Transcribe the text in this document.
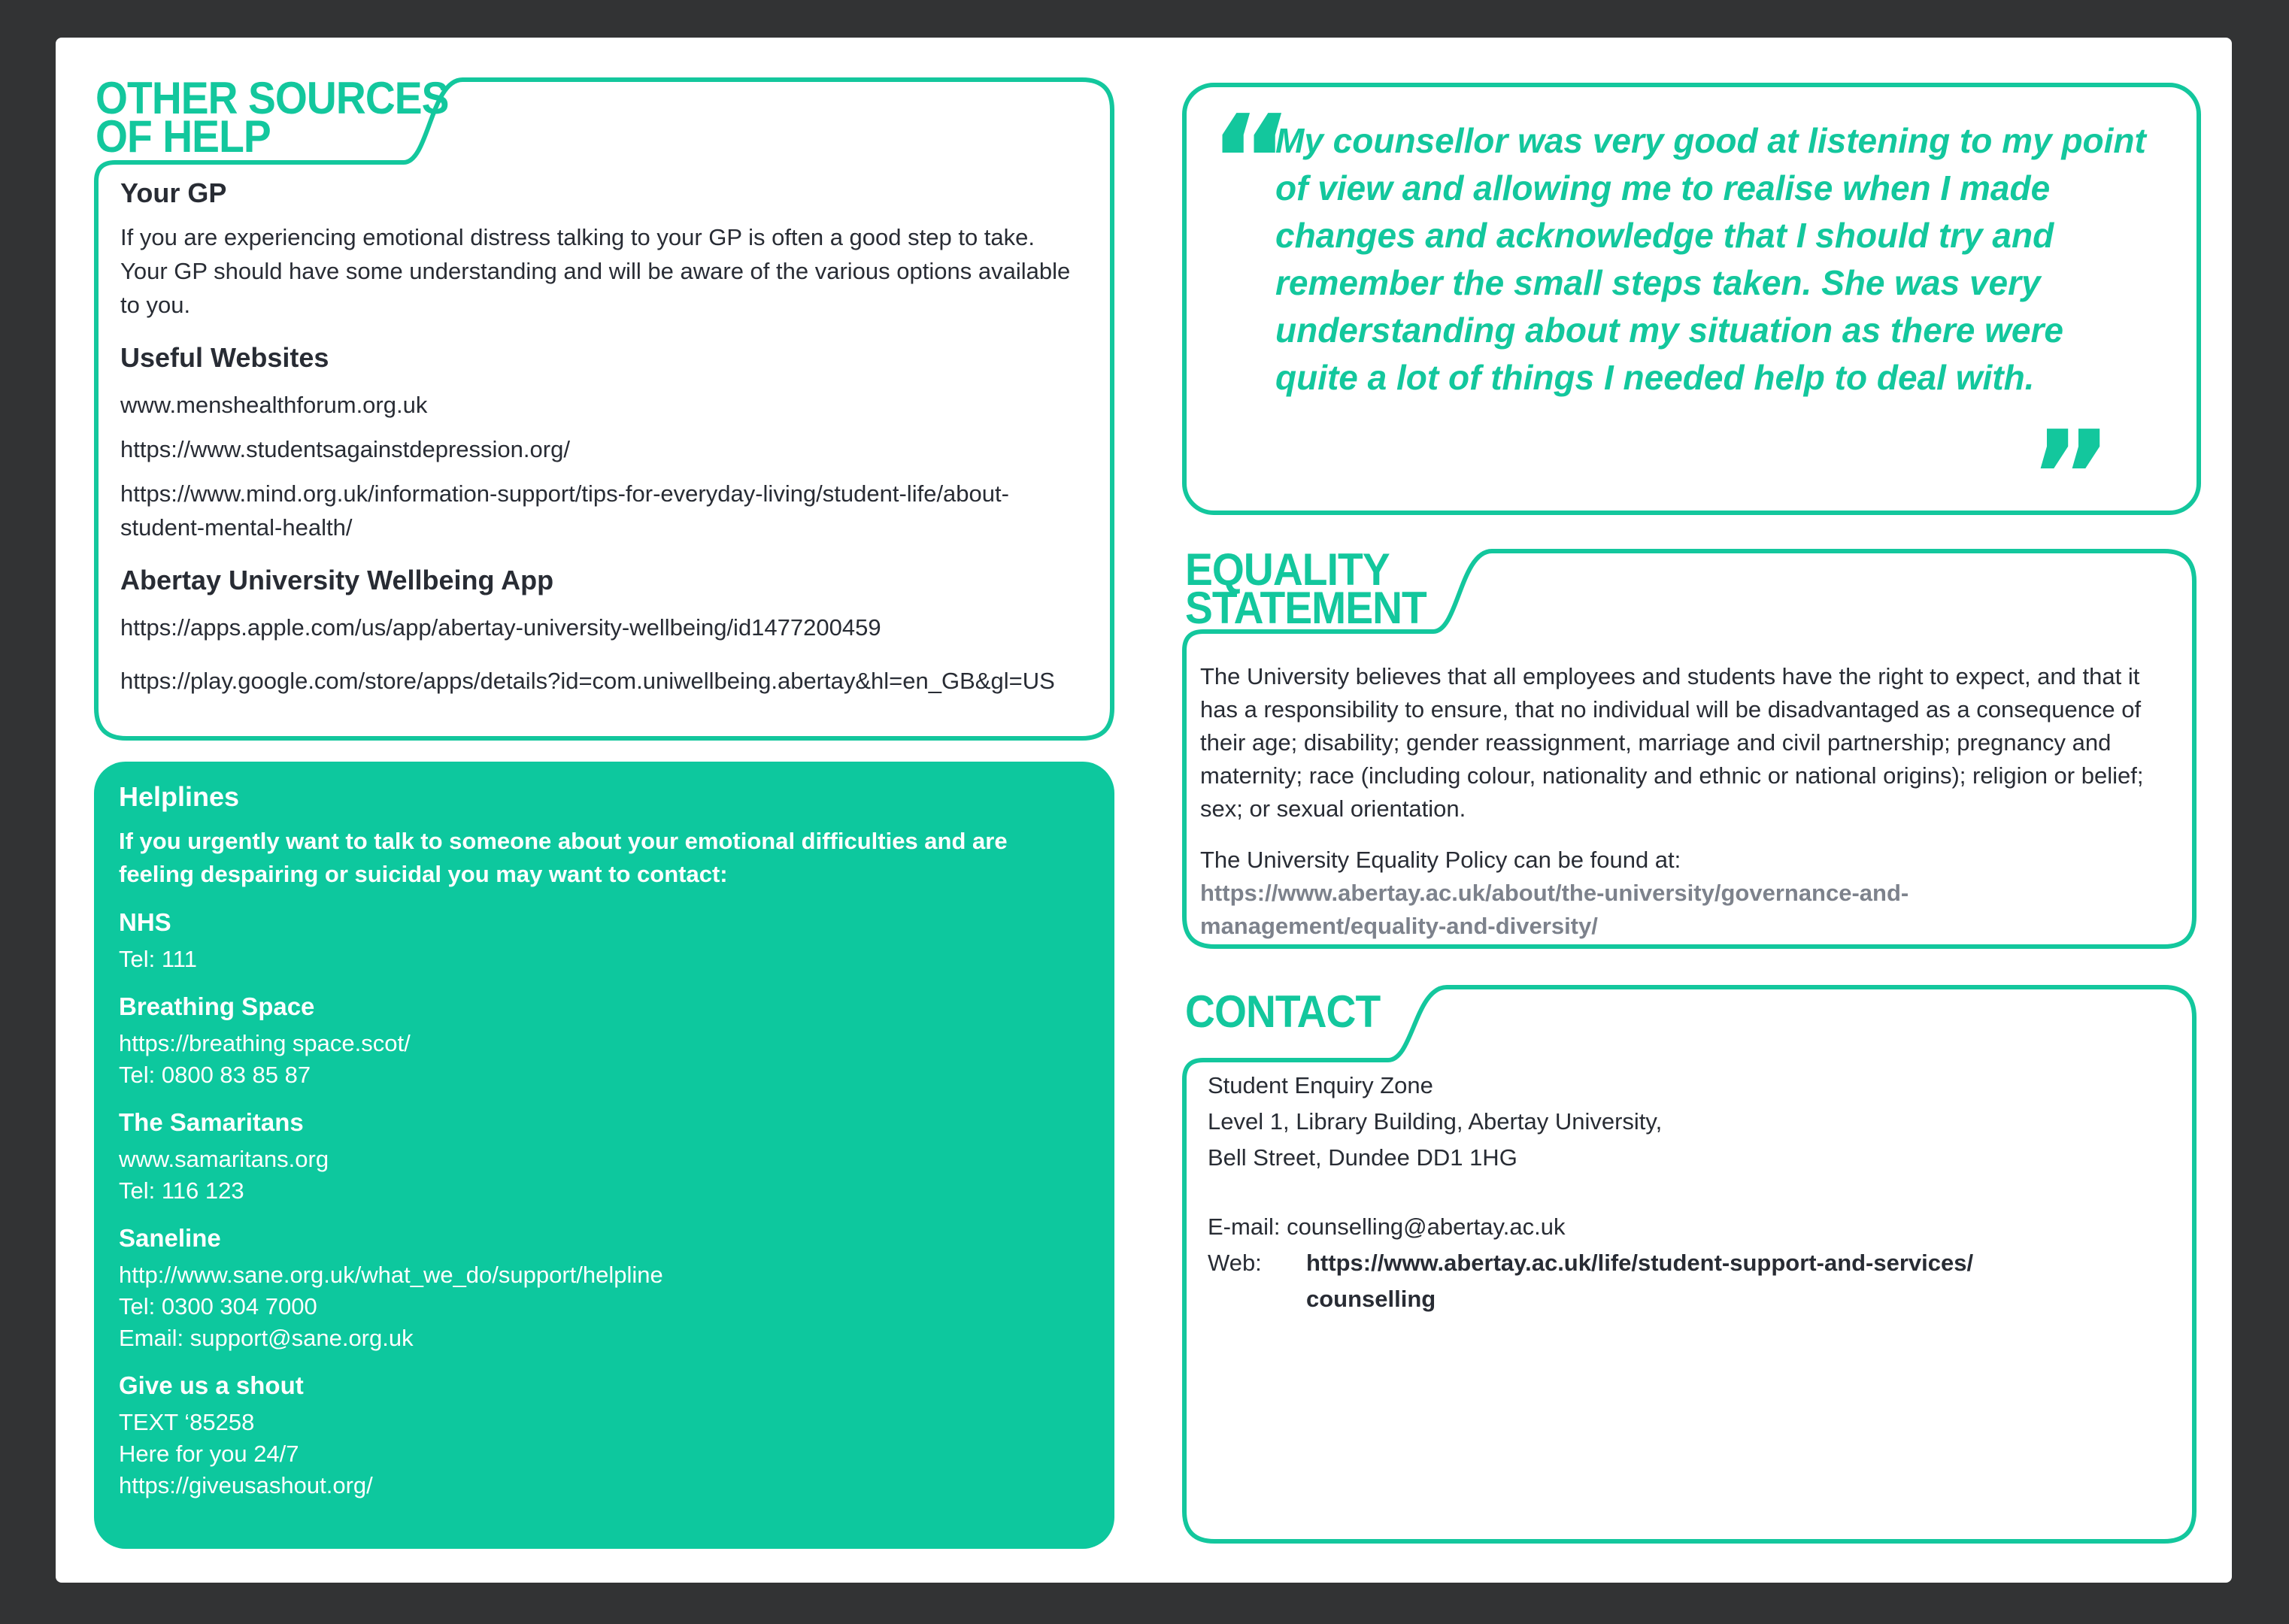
OTHER SOURCES
OF HELP
Your GP

If you are experiencing emotional distress talking to your GP is often a good step to take. Your GP should have some understanding and will be aware of the various options available to you.

Useful Websites

www.menshealthforum.org.uk

https://www.studentsagainstdepression.org/

https://www.mind.org.uk/information-support/tips-for-everyday-living/student-life/about-student-mental-health/

Abertay University Wellbeing App

https://apps.apple.com/us/app/abertay-university-wellbeing/id1477200459

https://play.google.com/store/apps/details?id=com.uniwellbeing.abertay&hl=en_GB&gl=US

Helplines

If you urgently want to talk to someone about your emotional difficulties and are feeling despairing or suicidal you may want to contact:

NHS

Tel: 111

Breathing Space

https://breathing space.scot/

Tel: 0800 83 85 87

The Samaritans

www.samaritans.org

Tel: 116 123

Saneline

http://www.sane.org.uk/what_we_do/support/helpline

Tel: 0300 304 7000

Email: support@sane.org.uk

Give us a shout

TEXT ‘85258

Here for you 24/7

https://giveusashout.org/

“
My counsellor was very good at listening to my point of view and allowing me to realise when I made changes and acknowledge that I should try and remember the small steps taken. She was very understanding about my situation as there were quite a lot of things I needed help to deal with.
”
EQUALITY
STATEMENT

The University believes that all employees and students have the right to expect, and that it has a responsibility to ensure, that no individual will be disadvantaged as a consequence of their age; disability; gender reassignment, marriage and civil partnership; pregnancy and maternity; race (including colour, nationality and ethnic or national origins); religion or belief; sex; or sexual orientation.

The University Equality Policy can be found at:

https://www.abertay.ac.uk/about/the-university/governance-and-

management/equality-and-diversity/

CONTACT

Student Enquiry Zone

Level 1, Library Building, Abertay University,

Bell Street, Dundee DD1 1HG

E-mail: counselling@abertay.ac.uk

Web:	https://www.abertay.ac.uk/life/student-support-and-services/
counselling
